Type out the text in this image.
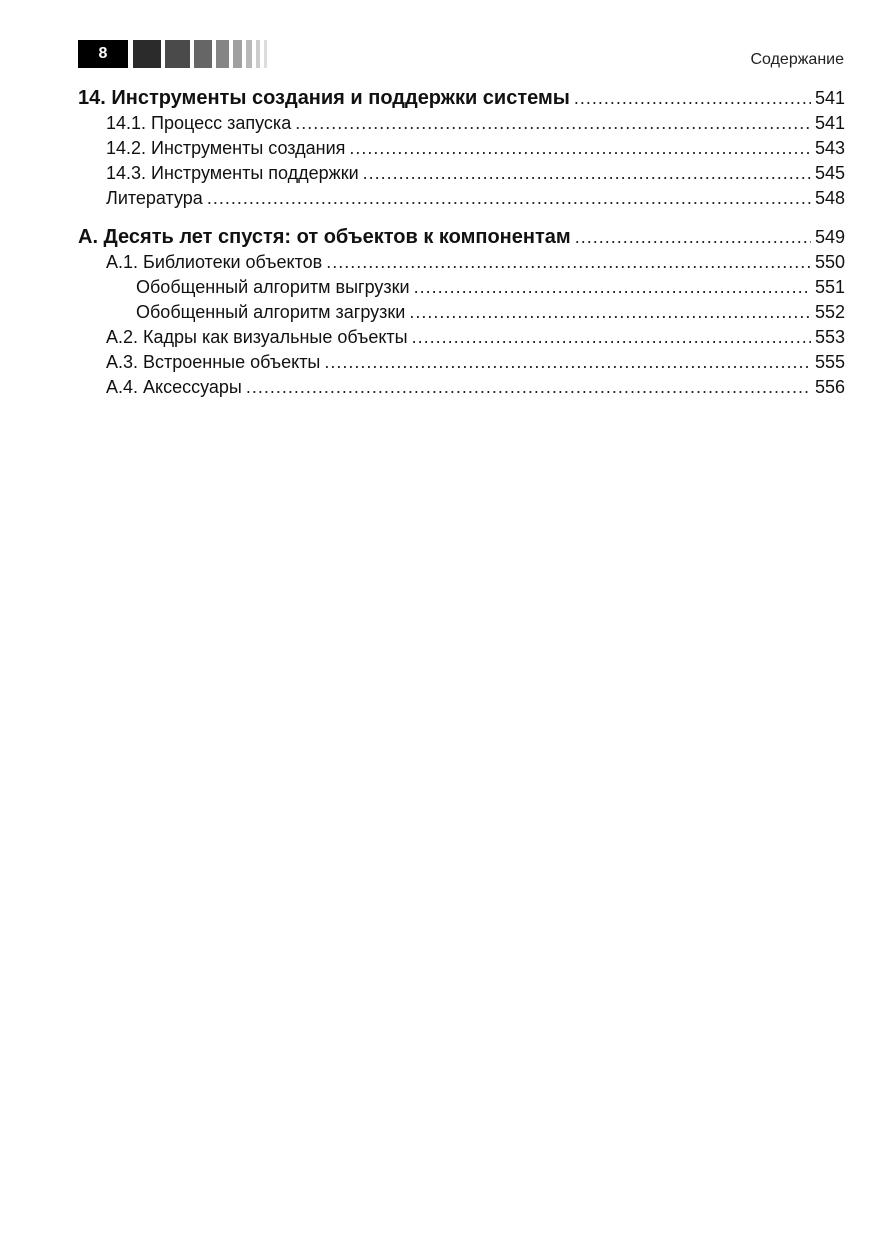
8	Содержание
14. Инструменты создания и поддержки системы .....	541
14.1. Процесс запуска .....	541
14.2. Инструменты создания .....	543
14.3. Инструменты поддержки .....	545
Литература .....	548
А. Десять лет спустя: от объектов к компонентам .....	549
А.1. Библиотеки объектов .....	550
Обобщенный алгоритм выгрузки .....	551
Обобщенный алгоритм загрузки .....	552
А.2. Кадры как визуальные объекты .....	553
А.3. Встроенные объекты .....	555
А.4. Аксессуары .....	556
